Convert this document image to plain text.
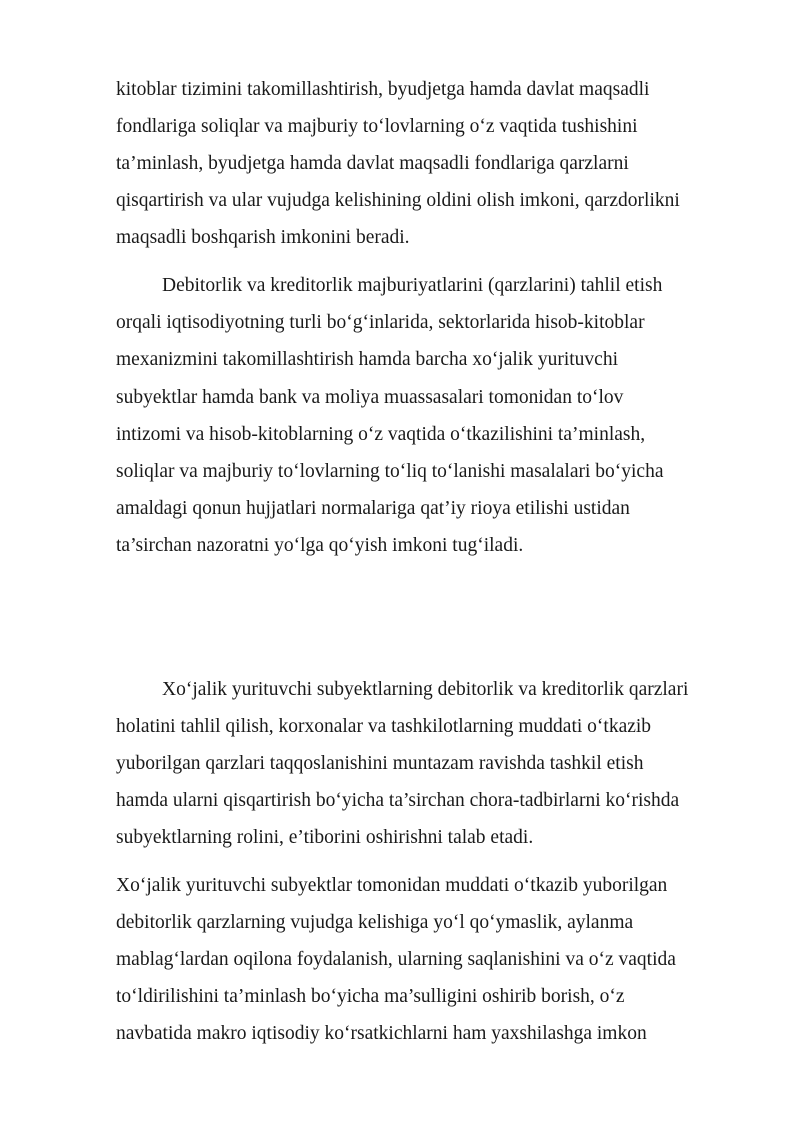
kitoblar tizimini takomillashtirish, byudjetga hamda davlat maqsadli

fondlariga soliqlar va majburiy to‘lovlarning o‘z vaqtida tushishini

ta’minlash, byudjetga hamda davlat maqsadli fondlariga qarzlarni

qisqartirish va ular vujudga kelishining oldini olish imkoni, qarzdorlikni

maqsadli boshqarish imkonini beradi.

Debitorlik va kreditorlik majburiyatlarini (qarzlarini) tahlil etish

orqali iqtisodiyotning turli bo‘g‘inlarida, sektorlarida hisob-kitoblar

mexanizmini takomillashtirish hamda barcha xo‘jalik yurituvchi

subyektlar hamda bank va moliya muassasalari tomonidan to‘lov

intizomi va hisob-kitoblarning o‘z vaqtida o‘tkazilishini ta’minlash,

soliqlar va majburiy to‘lovlarning to‘liq to‘lanishi masalalari bo‘yicha

amaldagi qonun hujjatlari normalariga qat’iy rioya etilishi ustidan

ta’sirchan nazoratni yo‘lga qo‘yish imkoni tug‘iladi.

Xo‘jalik yurituvchi subyektlarning debitorlik va kreditorlik qarzlari

holatini tahlil qilish, korxonalar va tashkilotlarning muddati o‘tkazib

yuborilgan qarzlari taqqoslanishini muntazam ravishda tashkil etish

hamda ularni qisqartirish bo‘yicha ta’sirchan chora-tadbirlarni ko‘rishda

subyektlarning rolini, e’tiborini oshirishni talab etadi.

Xo‘jalik yurituvchi subyektlar tomonidan muddati o‘tkazib yuborilgan

debitorlik qarzlarning vujudga kelishiga yo‘l qo‘ymaslik, aylanma

mablag‘lardan oqilona foydalanish, ularning saqlanishini va o‘z vaqtida

to‘ldirilishini ta’minlash bo‘yicha ma’sulligini oshirib borish, o‘z

navbatida makro iqtisodiy ko‘rsatkichlarni ham yaxshilashga imkon
